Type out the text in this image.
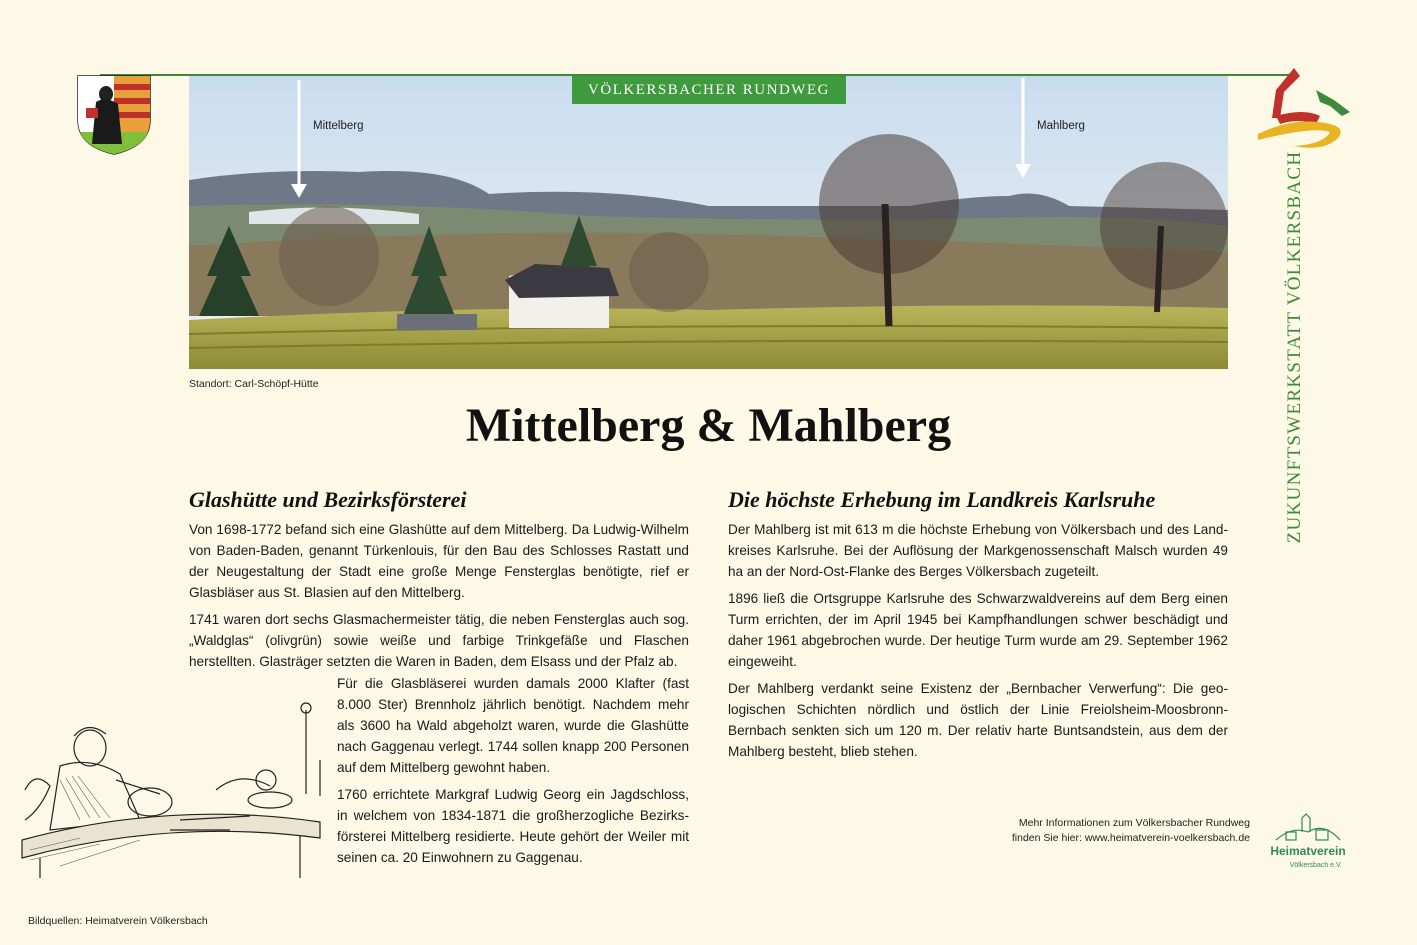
ZUKUNFTSWERKSTATT VÖLKERSBACH
Mittelberg	Mahlberg
VÖLKERSBACHER RUNDWEG
Standort: Carl-Schöpf-Hütte
Mittelberg & Mahlberg
Glashütte und Bezirksförsterei

Von 1698-1772 befand sich eine Glashütte auf dem Mittelberg. Da Ludwig-Wilhelm von Baden-Baden, genannt Türkenlouis, für den Bau des Schlosses Rastatt und der Neugestaltung der Stadt eine große Menge Fensterglas benötigte, rief er Glasbläser aus St. Blasien auf den Mittelberg.

1741 waren dort sechs Glasmachermeister tätig, die neben Fensterglas auch sog. „Waldglas“ (olivgrün) sowie weiße und farbige Trinkgefäße und Flaschen herstellten. Glasträger setzten die Waren in Baden, dem Elsass und der Pfalz ab.

Für die Glasbläserei wurden damals 2000 Klafter (fast 8.000 Ster) Brennholz jährlich benötigt. Nachdem mehr als 3600 ha Wald abgeholzt waren, wurde die Glashütte nach Gaggenau verlegt. 1744 sollen knapp 200 Personen auf dem Mittelberg gewohnt haben.

1760 errichtete Markgraf Ludwig Georg ein Jagdschloss, in welchem von 1834-1871 die großherzogliche Bezirks-försterei Mittelberg residierte. Heute gehört der Weiler mit seinen ca. 20 Einwohnern zu Gaggenau.

Die höchste Erhebung im Landkreis Karlsruhe

Der Mahlberg ist mit 613 m die höchste Erhebung von Völkersbach und des Land-kreises Karlsruhe. Bei der Auflösung der Markgenossenschaft Malsch wurden 49 ha an der Nord-Ost-Flanke des Berges Völkersbach zugeteilt.

1896 ließ die Ortsgruppe Karlsruhe des Schwarzwaldvereins auf dem Berg einen Turm errichten, der im April 1945 bei Kampfhandlungen schwer beschädigt und daher 1961 abgebrochen wurde. Der heutige Turm wurde am 29. September 1962 eingeweiht.

Der Mahlberg verdankt seine Existenz der „Bernbacher Verwerfung“: Die geo-logischen Schichten nördlich und östlich der Linie Freiolsheim-Moosbronn-Bernbach senkten sich um 120 m. Der relativ harte Buntsandstein, aus dem der Mahlberg besteht, blieb stehen.

Mehr Informationen zum Völkersbacher Rundweg
finden Sie hier: www.heimatverein-voelkersbach.de
Heimatverein
Völkersbach e.V.
Bildquellen: Heimatverein Völkersbach
